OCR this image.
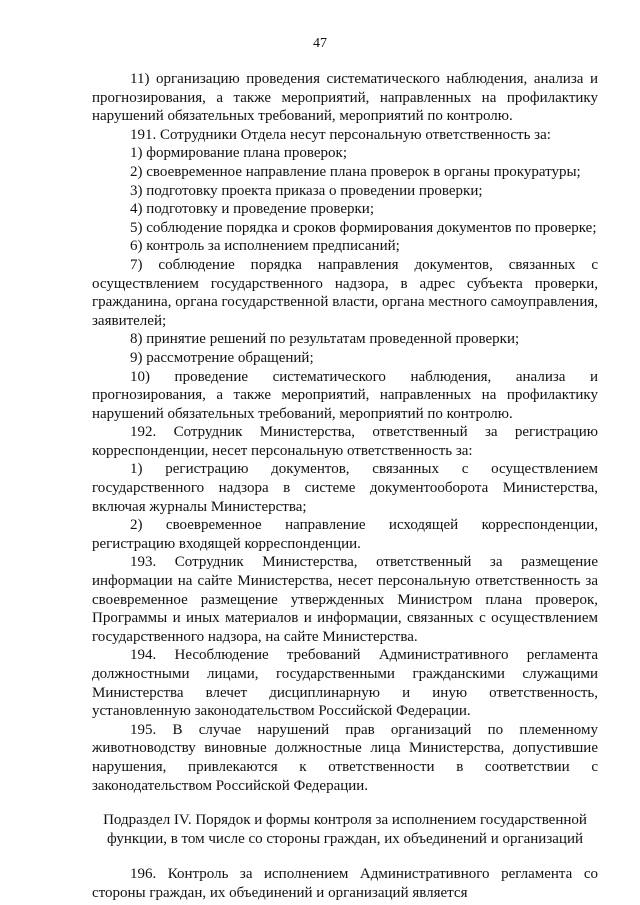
47

11) организацию проведения систематического наблюдения, анализа и прогнозирования, а также мероприятий, направленных на профилактику нарушений обязательных требований, мероприятий по контролю.

191. Сотрудники Отдела несут персональную ответственность за:

1) формирование плана проверок;

2) своевременное направление плана проверок в органы прокуратуры;

3) подготовку проекта приказа о проведении проверки;

4) подготовку и проведение проверки;

5) соблюдение порядка и сроков формирования документов по проверке;

6) контроль за исполнением предписаний;

7) соблюдение порядка направления документов, связанных с осуществлением государственного надзора, в адрес субъекта проверки, гражданина, органа государственной власти, органа местного самоуправления, заявителей;

8) принятие решений по результатам проведенной проверки;

9) рассмотрение обращений;

10) проведение систематического наблюдения, анализа и прогнозирования, а также мероприятий, направленных на профилактику нарушений обязательных требований, мероприятий по контролю.

192. Сотрудник Министерства, ответственный за регистрацию корреспонденции, несет персональную ответственность за:

1) регистрацию документов, связанных с осуществлением государственного надзора в системе документооборота Министерства, включая журналы Министерства;

2) своевременное направление исходящей корреспонденции, регистрацию входящей корреспонденции.

193. Сотрудник Министерства, ответственный за размещение информации на сайте Министерства, несет персональную ответственность за своевременное размещение утвержденных Министром плана проверок, Программы и иных материалов и информации, связанных с осуществлением государственного надзора, на сайте Министерства.

194. Несоблюдение требований Административного регламента должностными лицами, государственными гражданскими служащими Министерства влечет дисциплинарную и иную ответственность, установленную законодательством Российской Федерации.

195. В случае нарушений прав организаций по племенному животноводству виновные должностные лица Министерства, допустившие нарушения, привлекаются к ответственности в соответствии с законодательством Российской Федерации.

Подраздел IV. Порядок и формы контроля за исполнением государственной функции, в том числе со стороны граждан, их объединений и организаций

196. Контроль за исполнением Административного регламента со стороны граждан, их объединений и организаций является
